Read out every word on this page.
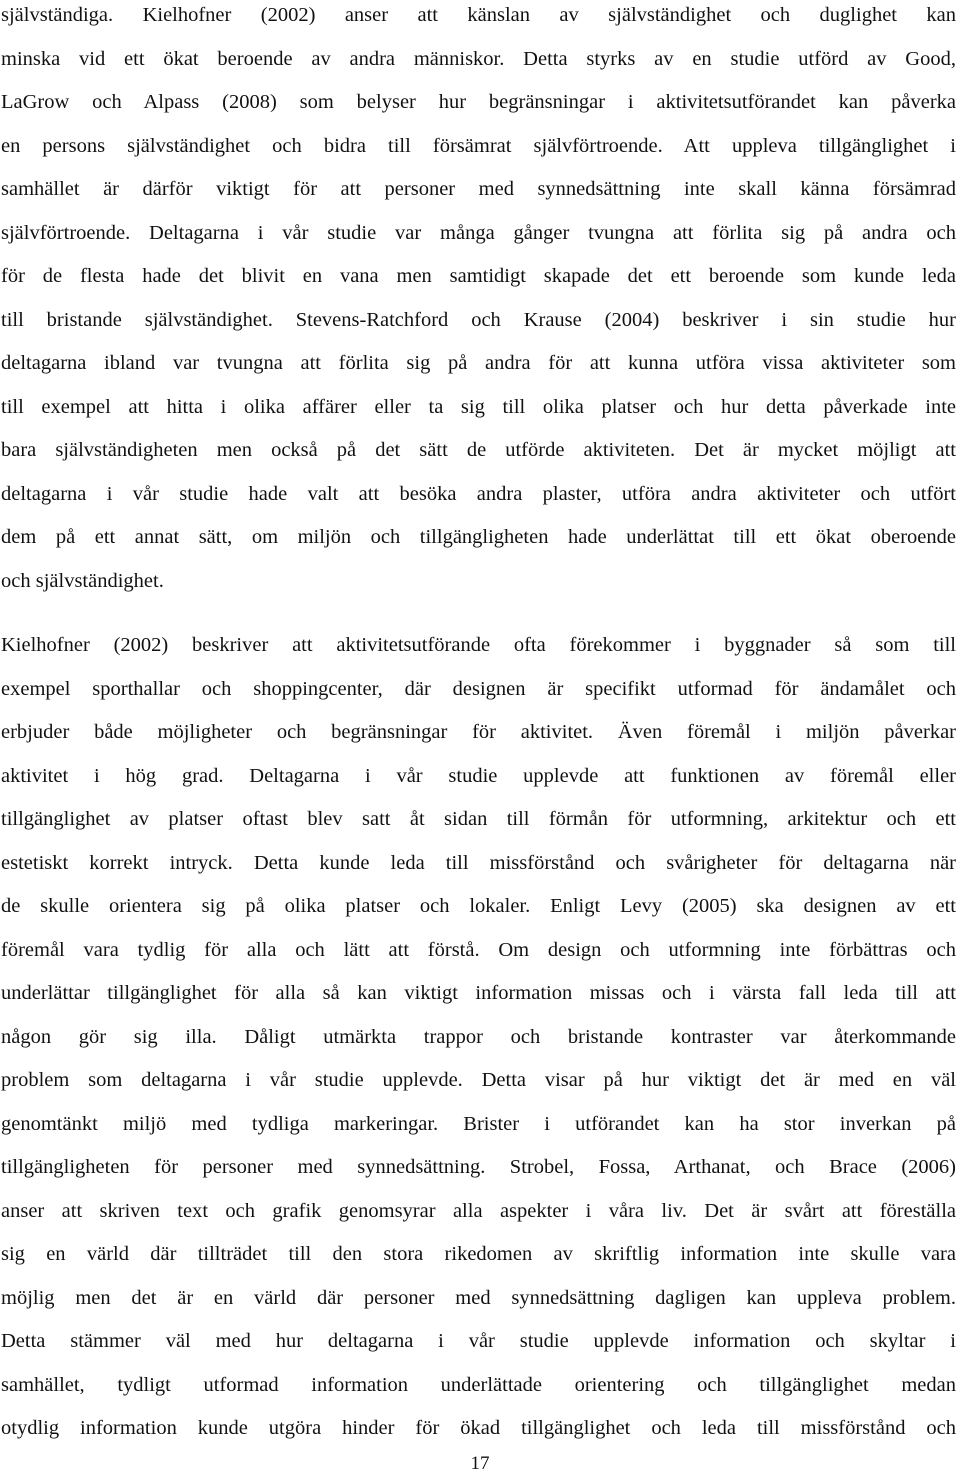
självständiga. Kielhofner (2002) anser att känslan av självständighet och duglighet kan
minska vid ett ökat beroende av andra människor. Detta styrks av en studie utförd av Good,
LaGrow och Alpass (2008) som belyser hur begränsningar i aktivitetsutförandet kan påverka
en persons självständighet och bidra till försämrat självförtroende. Att uppleva tillgänglighet i
samhället är därför viktigt för att personer med synnedsättning inte skall känna försämrad
självförtroende. Deltagarna i vår studie var många gånger tvungna att förlita sig på andra och
för de flesta hade det blivit en vana men samtidigt skapade det ett beroende som kunde leda
till bristande självständighet. Stevens-Ratchford och Krause (2004) beskriver i sin studie hur
deltagarna ibland var tvungna att förlita sig på andra för att kunna utföra vissa aktiviteter som
till exempel att hitta i olika affärer eller ta sig till olika platser och hur detta påverkade inte
bara självständigheten men också på det sätt de utförde aktiviteten. Det är mycket möjligt att
deltagarna i vår studie hade valt att besöka andra plaster, utföra andra aktiviteter och utfört
dem på ett annat sätt, om miljön och tillgängligheten hade underlättat till ett ökat oberoende
och självständighet.
Kielhofner (2002) beskriver att aktivitetsutförande ofta förekommer i byggnader så som till
exempel sporthallar och shoppingcenter, där designen är specifikt utformad för ändamålet och
erbjuder både möjligheter och begränsningar för aktivitet. Även föremål i miljön påverkar
aktivitet i hög grad. Deltagarna i vår studie upplevde att funktionen av föremål eller
tillgänglighet av platser oftast blev satt åt sidan till förmån för utformning, arkitektur och ett
estetiskt korrekt intryck. Detta kunde leda till missförstånd och svårigheter för deltagarna när
de skulle orientera sig på olika platser och lokaler. Enligt Levy (2005) ska designen av ett
föremål vara tydlig för alla och lätt att förstå. Om design och utformning inte förbättras och
underlättar tillgänglighet för alla så kan viktigt information missas och i värsta fall leda till att
någon gör sig illa. Dåligt utmärkta trappor och bristande kontraster var återkommande
problem som deltagarna i vår studie upplevde. Detta visar på hur viktigt det är med en väl
genomtänkt miljö med tydliga markeringar. Brister i utförandet kan ha stor inverkan på
tillgängligheten för personer med synnedsättning. Strobel, Fossa, Arthanat, och Brace (2006)
anser att skriven text och grafik genomsyrar alla aspekter i våra liv. Det är svårt att föreställa
sig en värld där tillträdet till den stora rikedomen av skriftlig information inte skulle vara
möjlig men det är en värld där personer med synnedsättning dagligen kan uppleva problem.
Detta stämmer väl med hur deltagarna i vår studie upplevde information och skyltar i
samhället, tydligt utformad information underlättade orientering och tillgänglighet medan
otydlig information kunde utgöra hinder för ökad tillgänglighet och leda till missförstånd och
17
